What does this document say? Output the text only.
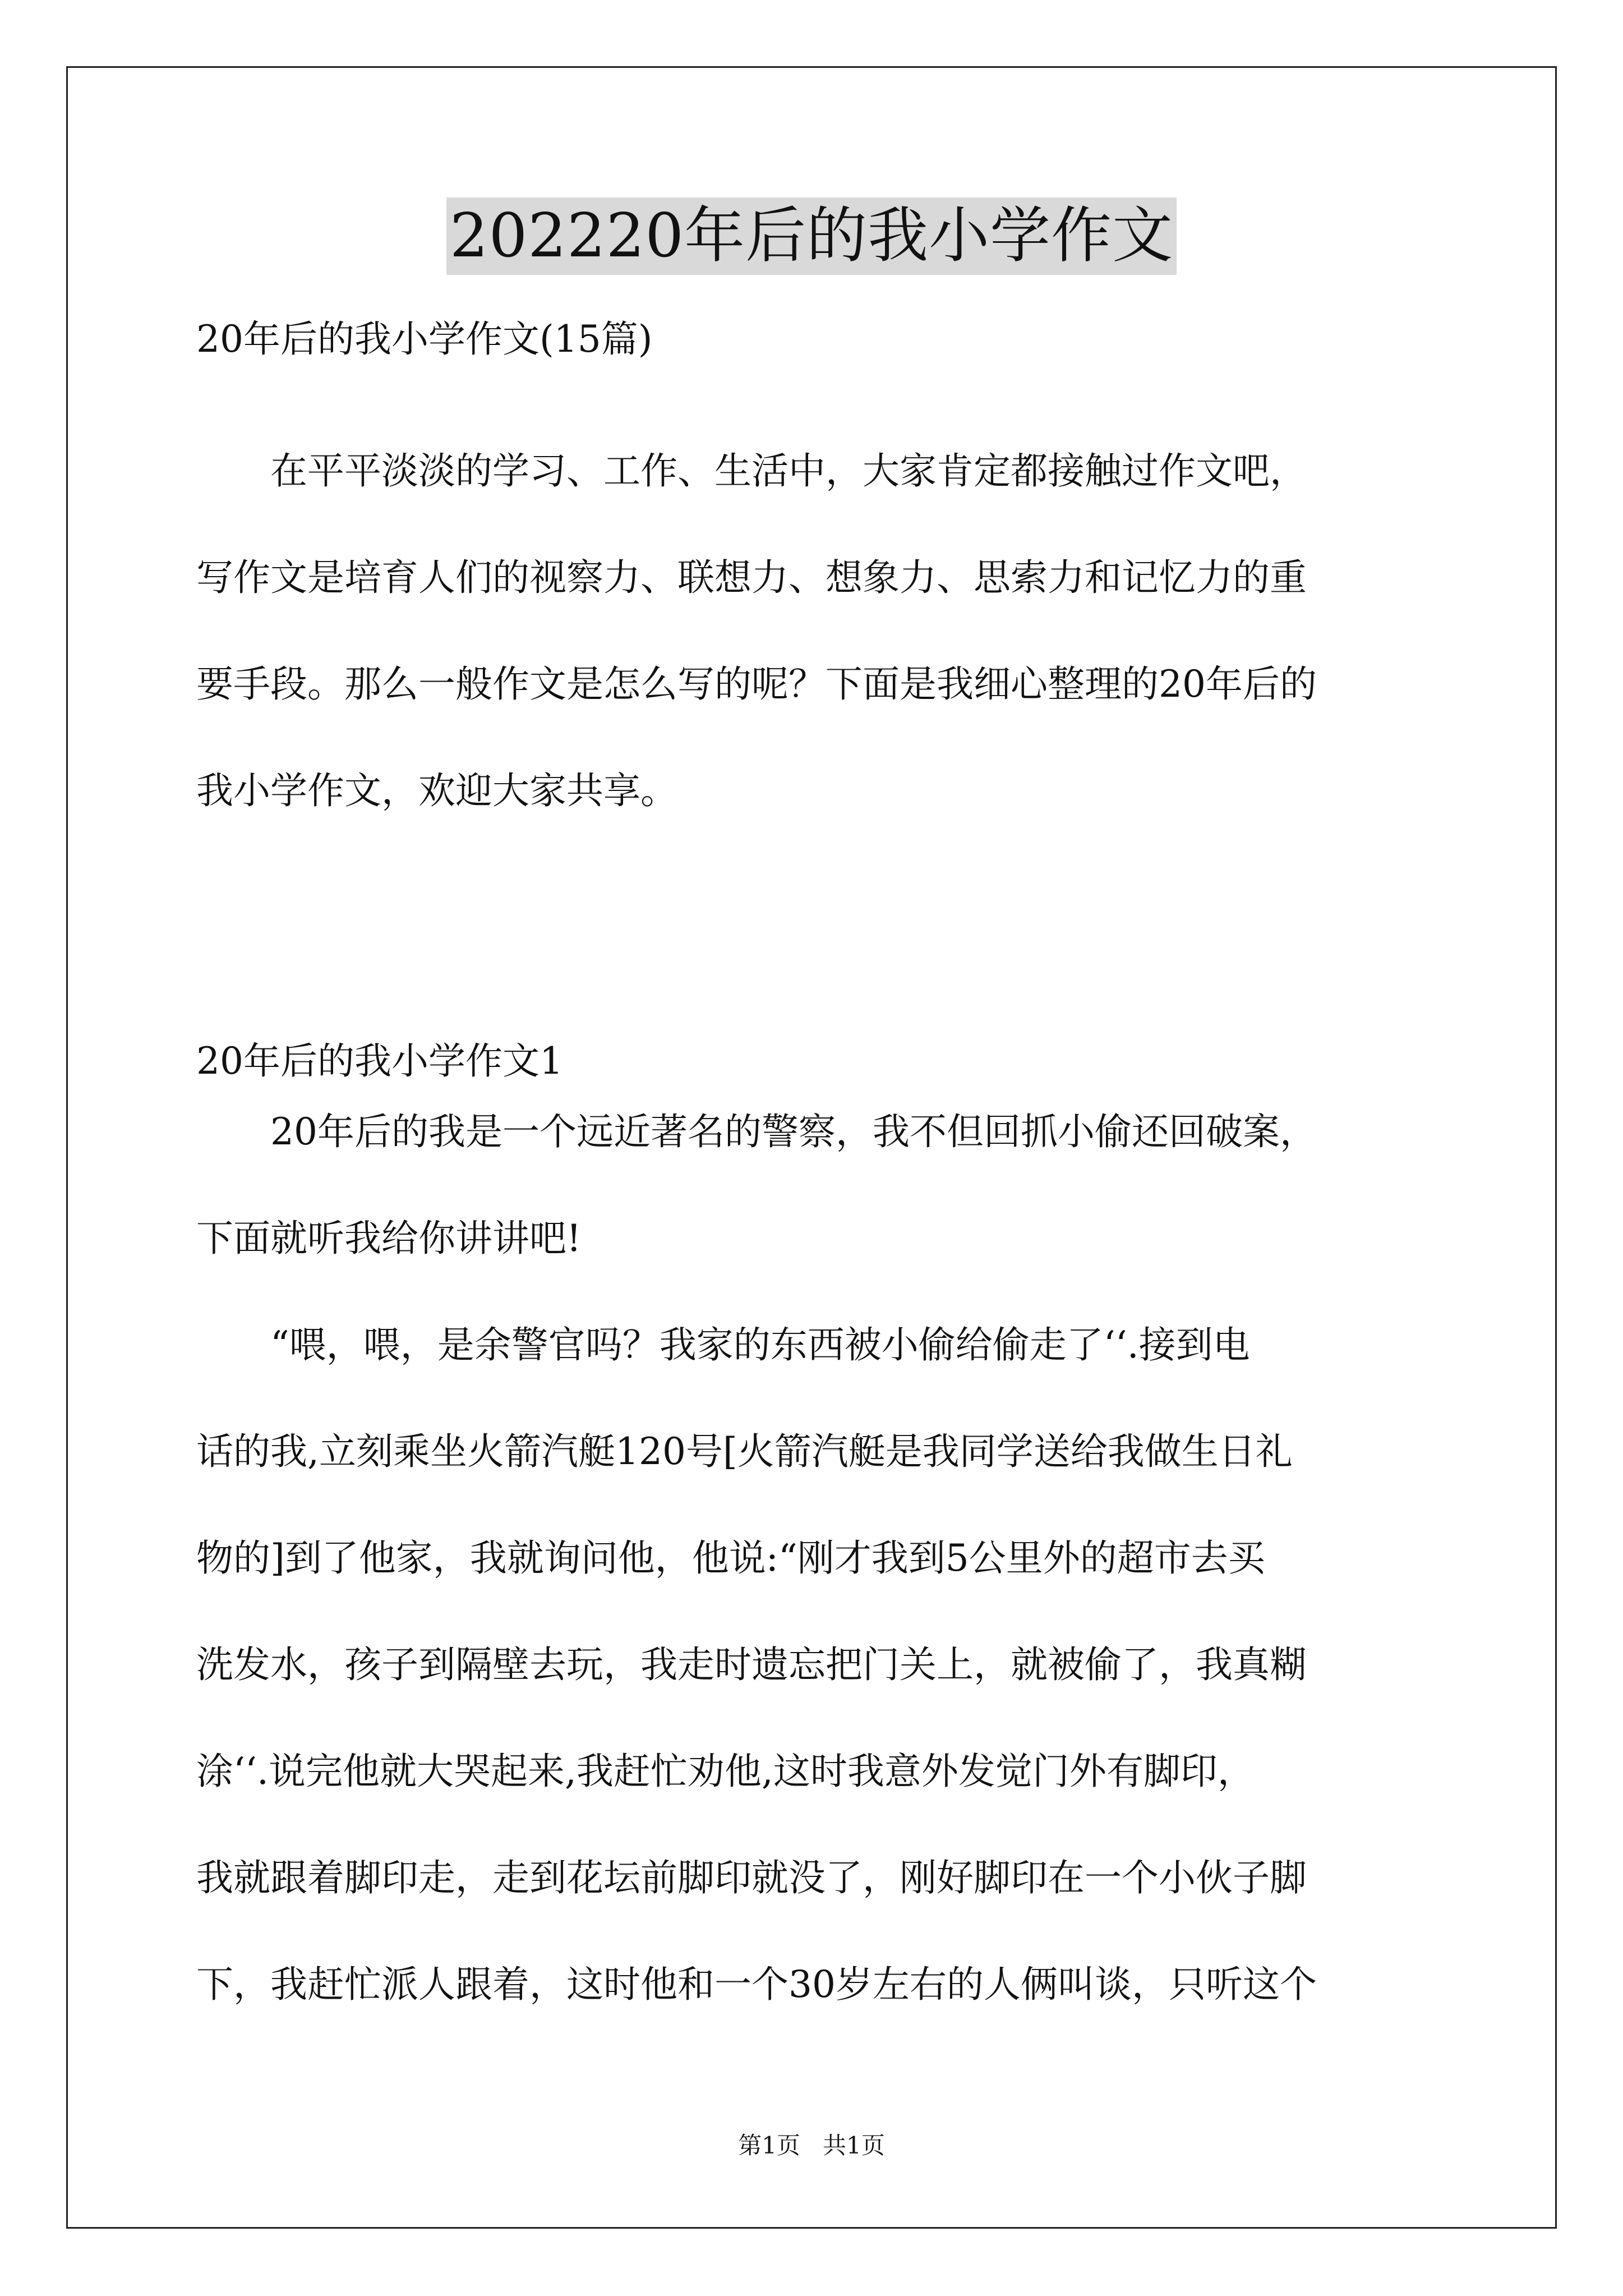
202220年后的我小学作文
20年后的我小学作文(15篇)
在平平淡淡的学习、工作、生活中，大家肯定都接触过作文吧，
写作文是培育人们的视察力、联想力、想象力、思索力和记忆力的重
要手段。那么一般作文是怎么写的呢？下面是我细心整理的20年后的
我小学作文，欢迎大家共享。
20年后的我小学作文1
20年后的我是一个远近著名的警察，我不但回抓小偷还回破案，
下面就听我给你讲讲吧!
“喂，喂，是余警官吗？我家的东西被小偷给偷走了‘‘.接到电
话的我,立刻乘坐火箭汽艇120号[火箭汽艇是我同学送给我做生日礼
物的]到了他家，我就询问他，他说:“刚才我到5公里外的超市去买
洗发水，孩子到隔壁去玩，我走时遗忘把门关上，就被偷了，我真糊
涂‘‘.说完他就大哭起来,我赶忙劝他,这时我意外发觉门外有脚印，
我就跟着脚印走，走到花坛前脚印就没了，刚好脚印在一个小伙子脚
下，我赶忙派人跟着，这时他和一个30岁左右的人俩叫谈，只听这个
第1页 共1页
